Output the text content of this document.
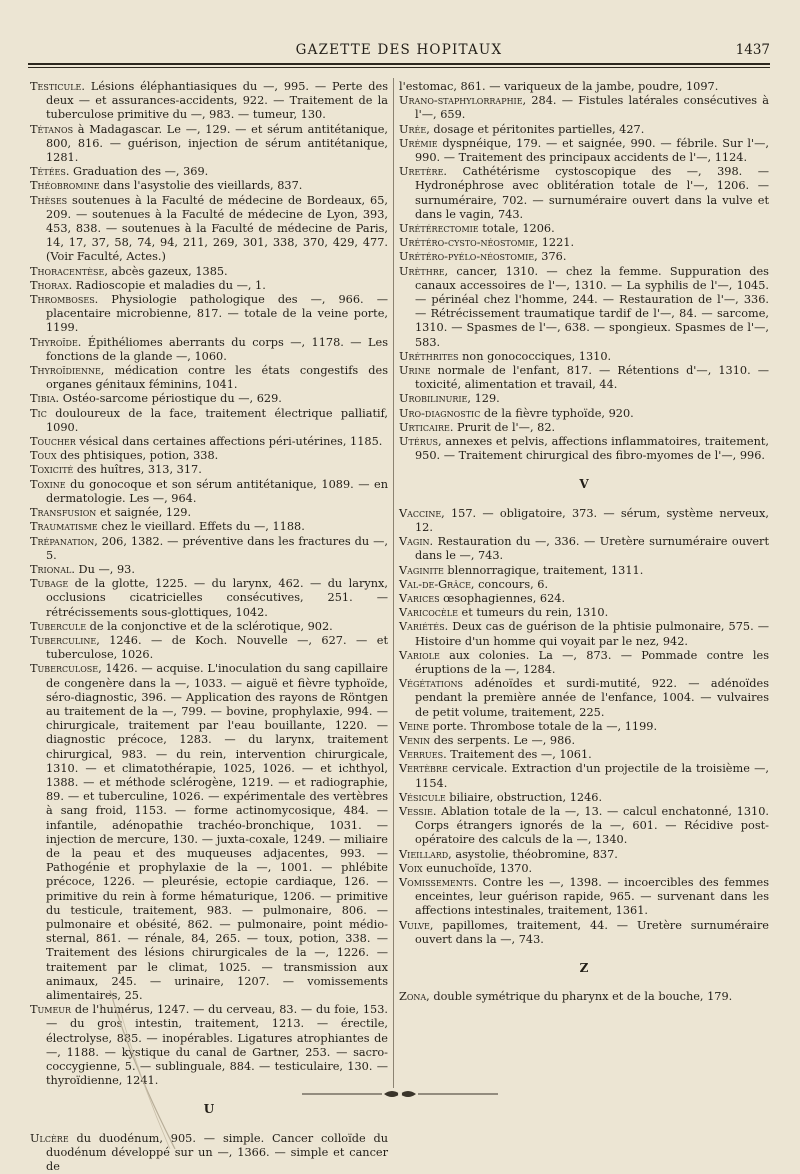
GAZETTE DES HOPITAUX	1437

Testicule. Lésions éléphantiasiques du —, 995. — Perte des deux — et assurances-accidents, 922. — Traitement de la tuberculose primitive du —, 983. — tumeur, 130.

Tétanos à Madagascar. Le —, 129. — et sérum antitétanique, 800, 816. — guérison, injection de sérum antitétanique, 1281.

Tétées. Graduation des —, 369.

Théobromine dans l'asystolie des vieillards, 837.

Thèses soutenues à la Faculté de médecine de Bordeaux, 65, 209. — soutenues à la Faculté de médecine de Lyon, 393, 453, 838. — soutenues à la Faculté de médecine de Paris, 14, 17, 37, 58, 74, 94, 211, 269, 301, 338, 370, 429, 477. (Voir Faculté, Actes.)

Thoracentèse, abcès gazeux, 1385.

Thorax. Radioscopie et maladies du —, 1.

Thromboses. Physiologie pathologique des —, 966. — placentaire microbienne, 817. — totale de la veine porte, 1199.

Thyroïde. Épithéliomes aberrants du corps —, 1178. — Les fonctions de la glande —, 1060.

Thyroïdienne, médication contre les états congestifs des organes génitaux féminins, 1041.

Tibia. Ostéo-sarcome périostique du —, 629.

Tic douloureux de la face, traitement électrique palliatif, 1090.

Toucher vésical dans certaines affections péri-utérines, 1185.

Toux des phtisiques, potion, 338.

Toxicité des huîtres, 313, 317.

Toxine du gonocoque et son sérum antitétanique, 1089. — en dermatologie. Les —, 964.

Transfusion et saignée, 129.

Traumatisme chez le vieillard. Effets du —, 1188.

Trépanation, 206, 1382. — préventive dans les fractures du —, 5.

Trional. Du —, 93.

Tubage de la glotte, 1225. — du larynx, 462. — du larynx, occlusions cicatricielles consécutives, 251. — rétrécissements sous-glottiques, 1042.

Tubercule de la conjonctive et de la sclérotique, 902.

Tuberculine, 1246. — de Koch. Nouvelle —, 627. — et tuberculose, 1026.

Tuberculose, 1426. — acquise. L'inoculation du sang capillaire de congenère dans la —, 1033. — aiguë et fièvre typhoïde, séro-diagnostic, 396. — Application des rayons de Röntgen au traitement de la —, 799. — bovine, prophylaxie, 994. — chirurgicale, traitement par l'eau bouillante, 1220. — diagnostic précoce, 1283. — du larynx, traitement chirurgical, 983. — du rein, intervention chirurgicale, 1310. — et climatothérapie, 1025, 1026. — et ichthyol, 1388. — et méthode sclérogène, 1219. — et radiographie, 89. — et tuberculine, 1026. — expérimentale des vertèbres à sang froid, 1153. — forme actinomycosique, 484. — infantile, adénopathie trachéo-bronchique, 1031. — injection de mercure, 130. — juxta-coxale, 1249. — miliaire de la peau et des muqueuses adjacentes, 993. — Pathogénie et prophylaxie de la —, 1001. — phlébite précoce, 1226. — pleurésie, ectopie cardiaque, 126. — primitive du rein à forme hématurique, 1206. — primitive du testicule, traitement, 983. — pulmonaire, 806. — pulmonaire et obésité, 862. — pulmonaire, point médio-sternal, 861. — rénale, 84, 265. — toux, potion, 338. — Traitement des lésions chirurgicales de la —, 1226. — traitement par le climat, 1025. — transmission aux animaux, 245. — urinaire, 1207. — vomissements alimentaires, 25.

Tumeur de l'humérus, 1247. — du cerveau, 83. — du foie, 153. — du gros intestin, traitement, 1213. — érectile, électrolyse, 885. — inopérables. Ligatures atrophiantes de —, 1188. — kystique du canal de Gartner, 253. — sacro-coccygienne, 5. — sublinguale, 884. — testiculaire, 130. — thyroïdienne, 1241.

U

Ulcère du duodénum, 905. — simple. Cancer colloïde du duodénum développé sur un —, 1366. — simple et cancer de

l'estomac, 861. — variqueux de la jambe, poudre, 1097.

Urano-staphylorraphie, 284. — Fistules latérales consécutives à l'—, 659.

Urée, dosage et péritonites partielles, 427.

Urémie dyspnéique, 179. — et saignée, 990. — fébrile. Sur l'—, 990. — Traitement des principaux accidents de l'—, 1124.

Uretère. Cathétérisme cystoscopique des —, 398. — Hydronéphrose avec oblitération totale de l'—, 1206. — surnuméraire, 702. — surnuméraire ouvert dans la vulve et dans le vagin, 743.

Urétérectomie totale, 1206.

Urétéro-cysto-néostomie, 1221.

Urétéro-pyélo-néostomie, 376.

Urèthre, cancer, 1310. — chez la femme. Suppuration des canaux accessoires de l'—, 1310. — La syphilis de l'—, 1045. — périnéal chez l'homme, 244. — Restauration de l'—, 336. — Rétrécissement traumatique tardif de l'—, 84. — sarcome, 1310. — Spasmes de l'—, 638. — spongieux. Spasmes de l'—, 583.

Uréthrites non gonococciques, 1310.

Urine normale de l'enfant, 817. — Rétentions d'—, 1310. — toxicité, alimentation et travail, 44.

Urobilinurie, 129.

Uro-diagnostic de la fièvre typhoïde, 920.

Urticaire. Prurit de l'—, 82.

Utérus, annexes et pelvis, affections inflammatoires, traitement, 950. — Traitement chirurgical des fibro-myomes de l'—, 996.

V

Vaccine, 157. — obligatoire, 373. — sérum, système nerveux, 12.

Vagin. Restauration du —, 336. — Uretère surnuméraire ouvert dans le —, 743.

Vaginite blennorragique, traitement, 1311.

Val-de-Grâce, concours, 6.

Varices œsophagiennes, 624.

Varicocèle et tumeurs du rein, 1310.

Variétés. Deux cas de guérison de la phtisie pulmonaire, 575. — Histoire d'un homme qui voyait par le nez, 942.

Variole aux colonies. La —, 873. — Pommade contre les éruptions de la —, 1284.

Végétations adénoïdes et surdi-mutité, 922. — adénoïdes pendant la première année de l'enfance, 1004. — vulvaires de petit volume, traitement, 225.

Veine porte. Thrombose totale de la —, 1199.

Venin des serpents. Le —, 986.

Verrues. Traitement des —, 1061.

Vertèbre cervicale. Extraction d'un projectile de la troisième —, 1154.

Vésicule biliaire, obstruction, 1246.

Vessie. Ablation totale de la —, 13. — calcul enchatonné, 1310. Corps étrangers ignorés de la —, 601. — Récidive post-opératoire des calculs de la —, 1340.

Vieillard, asystolie, théobromine, 837.

Voix eunuchoïde, 1370.

Vomissements. Contre les —, 1398. — incoercibles des femmes enceintes, leur guérison rapide, 965. — survenant dans les affections intestinales, traitement, 1361.

Vulve, papillomes, traitement, 44. — Uretère surnuméraire ouvert dans la —, 743.

Z

Zona, double symétrique du pharynx et de la bouche, 179.
